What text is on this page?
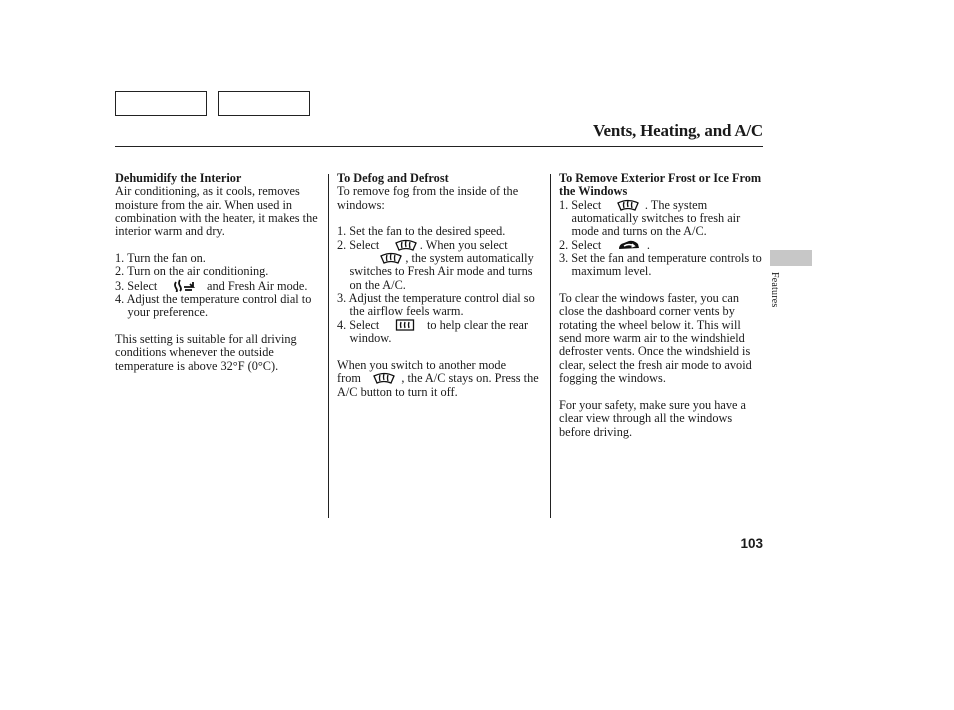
Vents, Heating, and A/C

Dehumidify the Interior

Air conditioning, as it cools, removes moisture from the air. When used in combination with the heater, it makes the interior warm and dry.

1. Turn the fan on.

2. Turn on the air conditioning.

3. Select	and Fresh Air mode.

4. Adjust the temperature control dial to your preference.

This setting is suitable for all driving conditions whenever the outside temperature is above 32°F (0°C).

To Defog and Defrost

To remove fog from the inside of the windows:

1. Set the fan to the desired speed.

2. Select	. When you select

, the system automatically switches to Fresh Air mode and turns on the A/C.

3. Adjust the temperature control dial so the airflow feels warm.

4. Select	to help clear the rear window.

When you switch to another mode from	, the A/C stays on. Press the A/C button to turn it off.

To Remove Exterior Frost or Ice From the Windows

1. Select	. The system automatically switches to fresh air mode and turns on the A/C.

2. Select	.

3. Set the fan and temperature controls to maximum level.

To clear the windows faster, you can close the dashboard corner vents by rotating the wheel below it. This will send more warm air to the windshield defroster vents. Once the windshield is clear, select the fresh air mode to avoid fogging the windows.

For your safety, make sure you have a clear view through all the windows before driving.

Features
103
